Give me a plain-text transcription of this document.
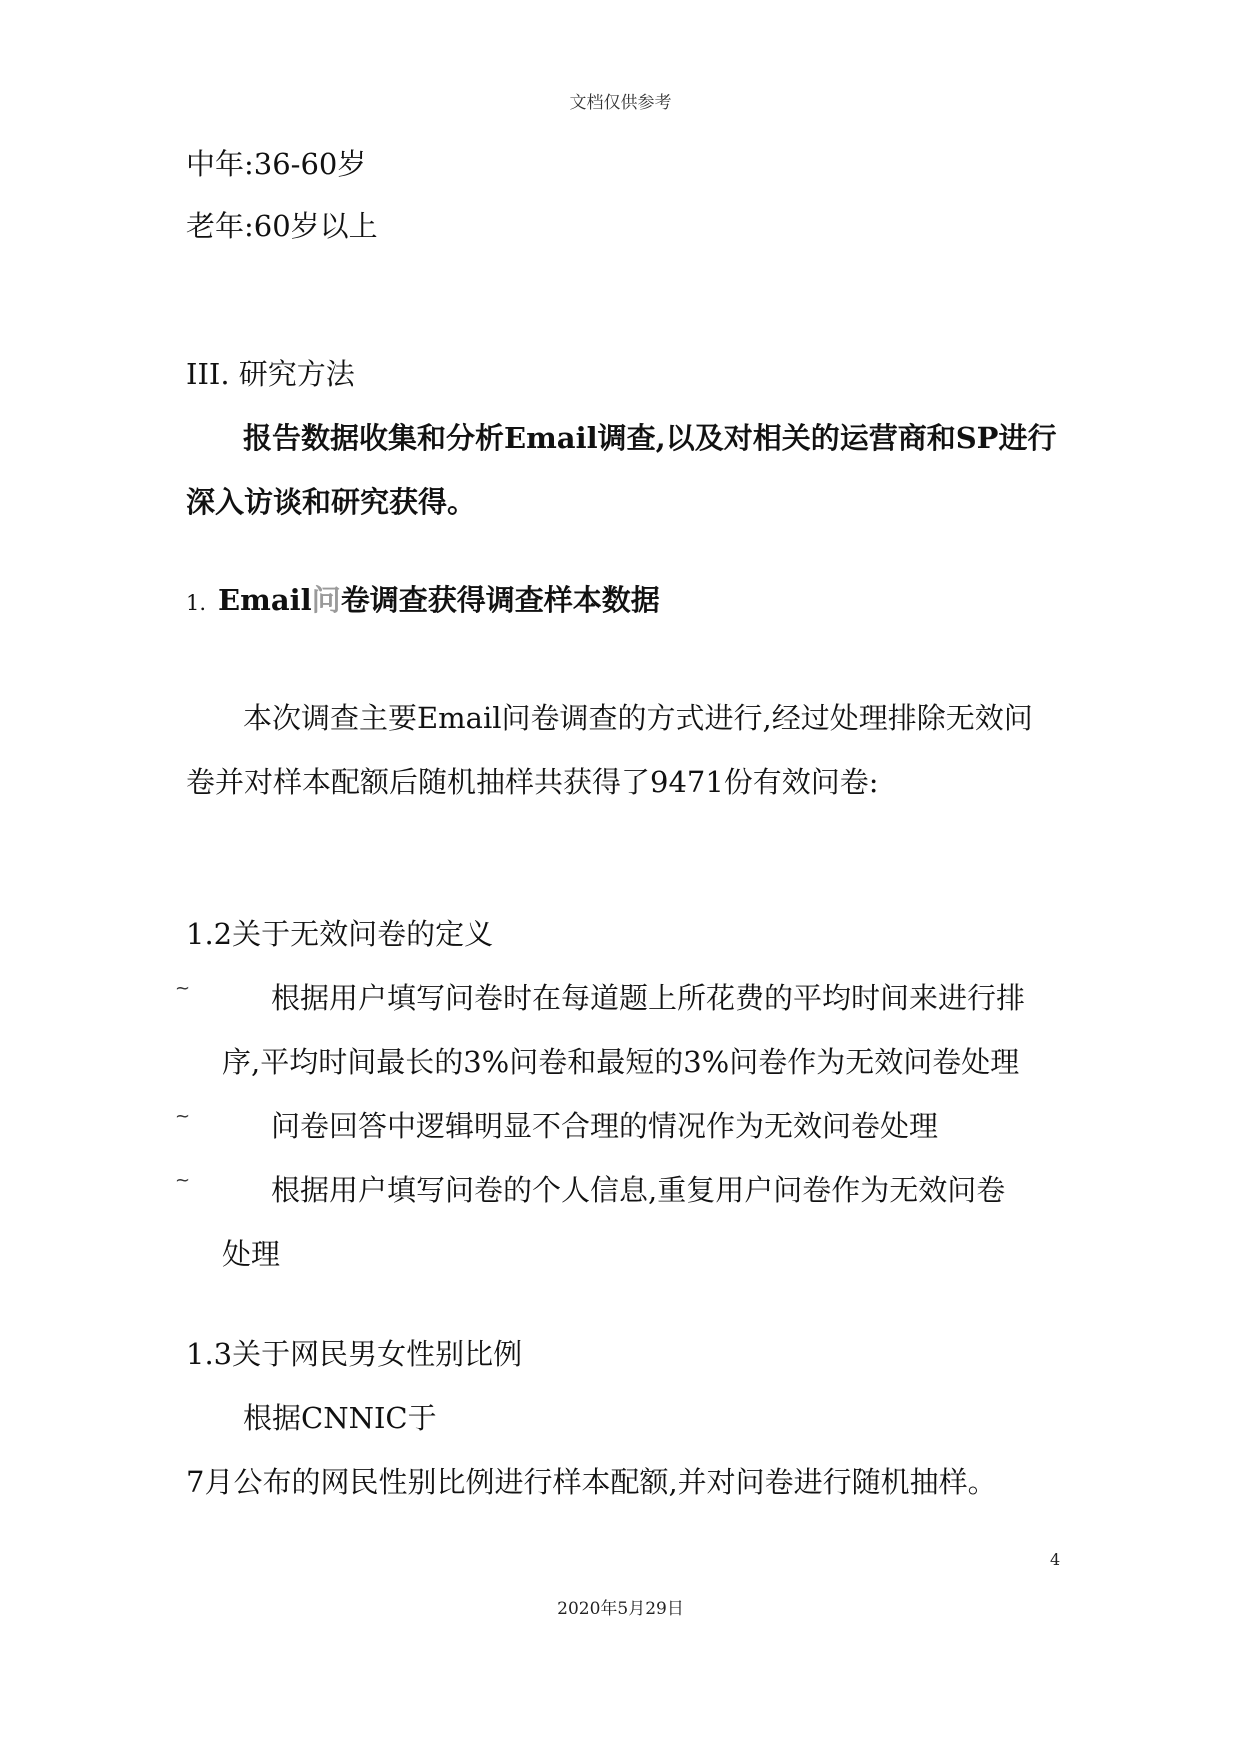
文档仅供参考
中年:36-60岁
老年:60岁以上
III. 研究方法
报告数据收集和分析Email调查,以及对相关的运营商和SP进行
深入访谈和研究获得。
1. Email问卷调查获得调查样本数据
本次调查主要Email问卷调查的方式进行,经过处理排除无效问
卷并对样本配额后随机抽样共获得了9471份有效问卷:
1.2关于无效问卷的定义
~	根据用户填写问卷时在每道题上所花费的平均时间来进行排
序,平均时间最长的3%问卷和最短的3%问卷作为无效问卷处理
~	问卷回答中逻辑明显不合理的情况作为无效问卷处理
~	根据用户填写问卷的个人信息,重复用户问卷作为无效问卷
处理
1.3关于网民男女性别比例
根据CNNIC于
7月公布的网民性别比例进行样本配额,并对问卷进行随机抽样。
4
2020年5月29日
